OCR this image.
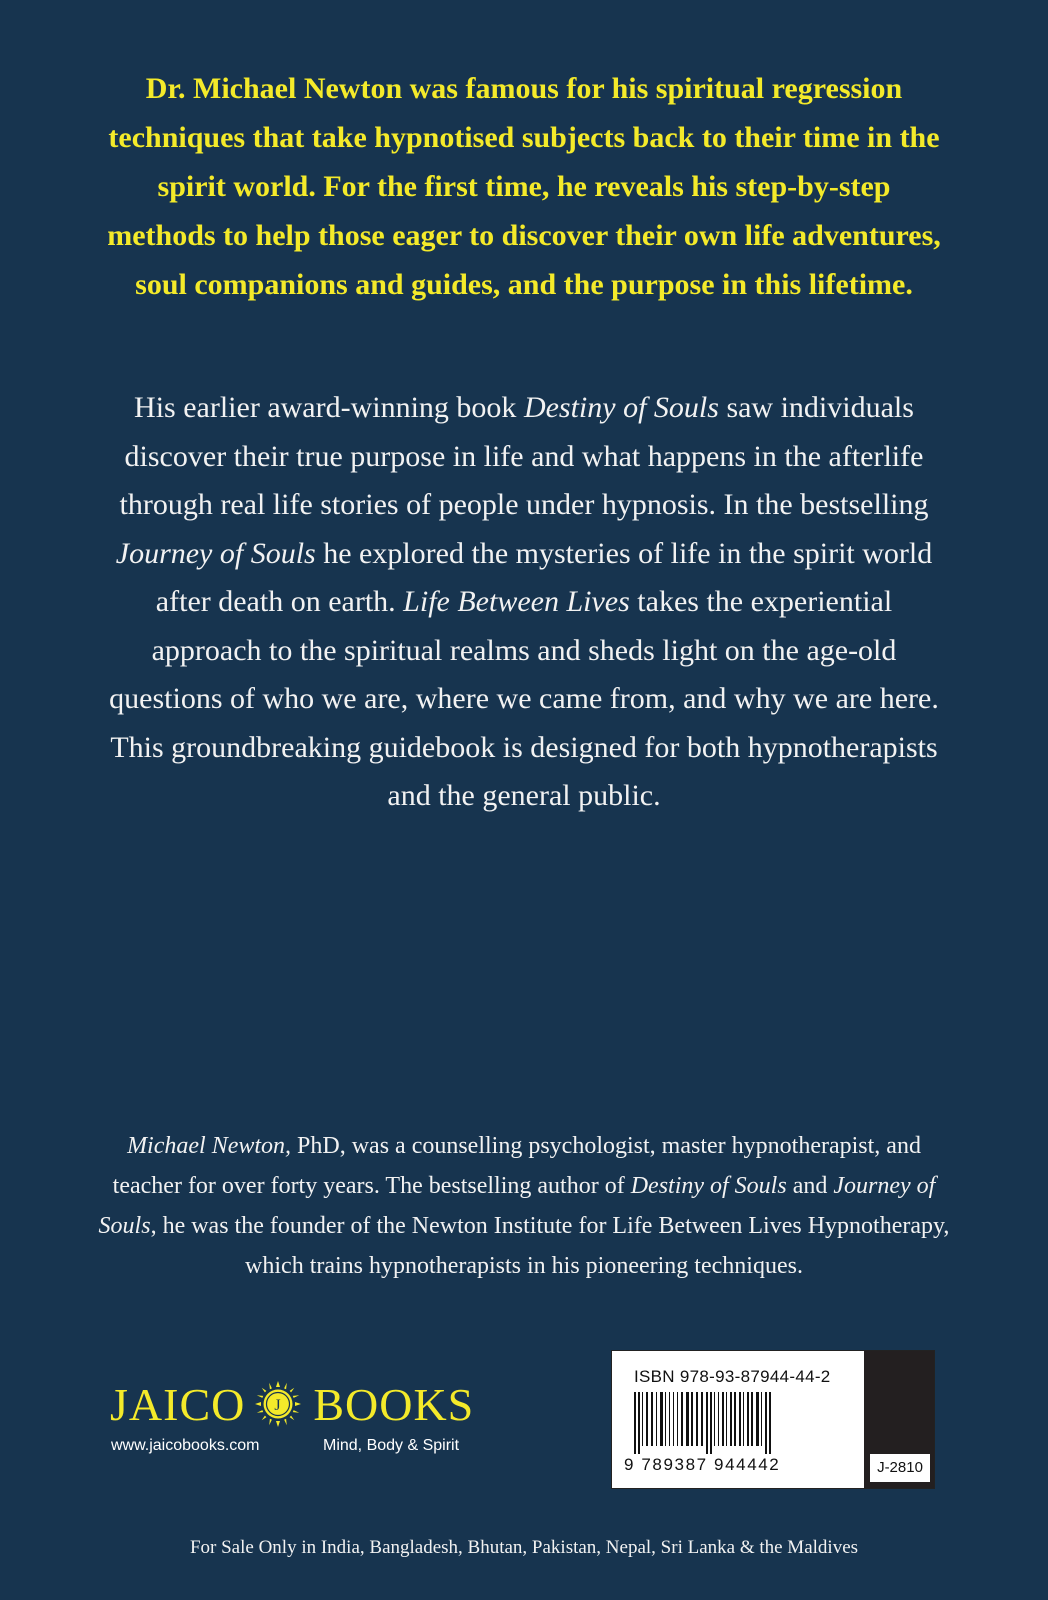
Dr. Michael Newton was famous for his spiritual regression techniques that take hypnotised subjects back to their time in the spirit world. For the first time, he reveals his step-by-step methods to help those eager to discover their own life adventures, soul companions and guides, and the purpose in this lifetime.
His earlier award-winning book Destiny of Souls saw individuals discover their true purpose in life and what happens in the afterlife through real life stories of people under hypnosis. In the bestselling Journey of Souls he explored the mysteries of life in the spirit world after death on earth. Life Between Lives takes the experiential approach to the spiritual realms and sheds light on the age-old questions of who we are, where we came from, and why we are here. This groundbreaking guidebook is designed for both hypnotherapists and the general public.
Michael Newton, PhD, was a counselling psychologist, master hypnotherapist, and teacher for over forty years. The bestselling author of Destiny of Souls and Journey of Souls, he was the founder of the Newton Institute for Life Between Lives Hypnotherapy, which trains hypnotherapists in his pioneering techniques.
JAICO J BOOKS
www.jaicobooks.com	Mind, Body & Spirit
ISBN 978-93-87944-44-2
9 789387 944442	J-2810
For Sale Only in India, Bangladesh, Bhutan, Pakistan, Nepal, Sri Lanka & the Maldives
